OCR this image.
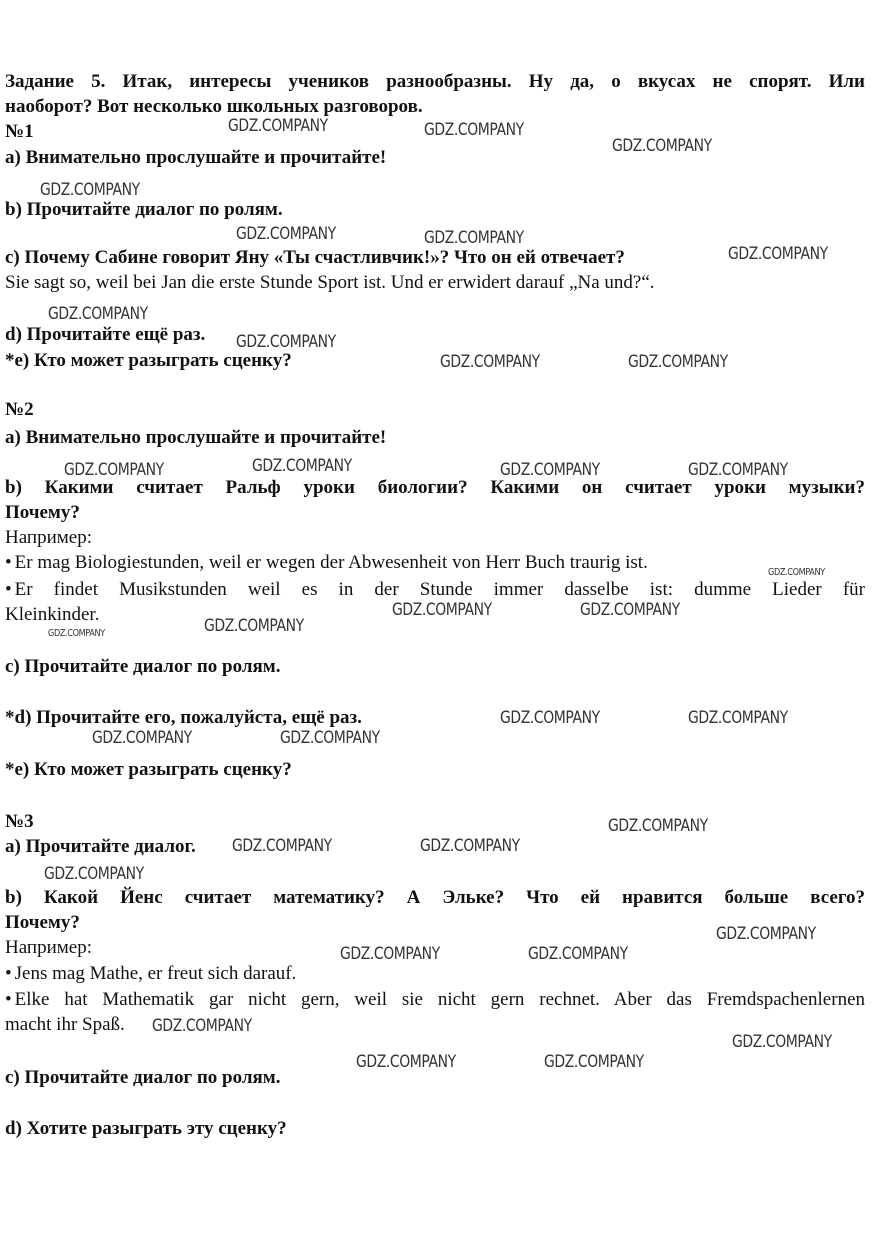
Задание 5. Итак, интересы учеников разнообразны. Ну да, о вкусах не спорят. Или
наоборот? Вот несколько школьных разговоров.
№1
а) Внимательно прослушайте и прочитайте!
b) Прочитайте диалог по ролям.
с) Почему Сабине говорит Яну «Ты счастливчик!»? Что он ей отвечает?
Sie sagt so, weil bei Jan die erste Stunde Sport ist. Und er erwidert darauf „Na und?“.
d) Прочитайте ещё раз.
*e) Кто может разыграть сценку?
№2
a) Внимательно прослушайте и прочитайте!
b) Какими считает Ральф уроки биологии? Какими он считает уроки музыки?
Почему?
Например:
• Er mag Biologiestunden, weil er wegen der Abwesenheit von Herr Buch traurig ist.
• Er findet Musikstunden weil es in der Stunde immer dasselbe ist: dumme Lieder für
Kleinkinder.
c) Прочитайте диалог по ролям.
*d) Прочитайте его, пожалуйста, ещё раз.
*e) Кто может разыграть сценку?
№3
a) Прочитайте диалог.
b) Какой Йенс считает математику? А Эльке? Что ей нравится больше всего?
Почему?
Например:
• Jens mag Mathe, er freut sich darauf.
• Elke hat Mathematik gar nicht gern, weil sie nicht gern rechnet. Aber das Fremdspachenlernen
macht ihr Spaß.
c) Прочитайте диалог по ролям.
d) Хотите разыграть эту сценку?
GDZ.COMPANY	GDZ.COMPANY
GDZ.COMPANY
GDZ.COMPANY
GDZ.COMPANY	GDZ.COMPANY
GDZ.COMPANY
GDZ.COMPANY
GDZ.COMPANY
GDZ.COMPANY	GDZ.COMPANY
GDZ.COMPANY	GDZ.COMPANY	GDZ.COMPANY	GDZ.COMPANY
GDZ.COMPANY
GDZ.COMPANY	GDZ.COMPANY
GDZ.COMPANY
GDZ.COMPANY
GDZ.COMPANY	GDZ.COMPANY
GDZ.COMPANY	GDZ.COMPANY
GDZ.COMPANY
GDZ.COMPANY	GDZ.COMPANY
GDZ.COMPANY
GDZ.COMPANY
GDZ.COMPANY	GDZ.COMPANY
GDZ.COMPANY
GDZ.COMPANY
GDZ.COMPANY	GDZ.COMPANY
